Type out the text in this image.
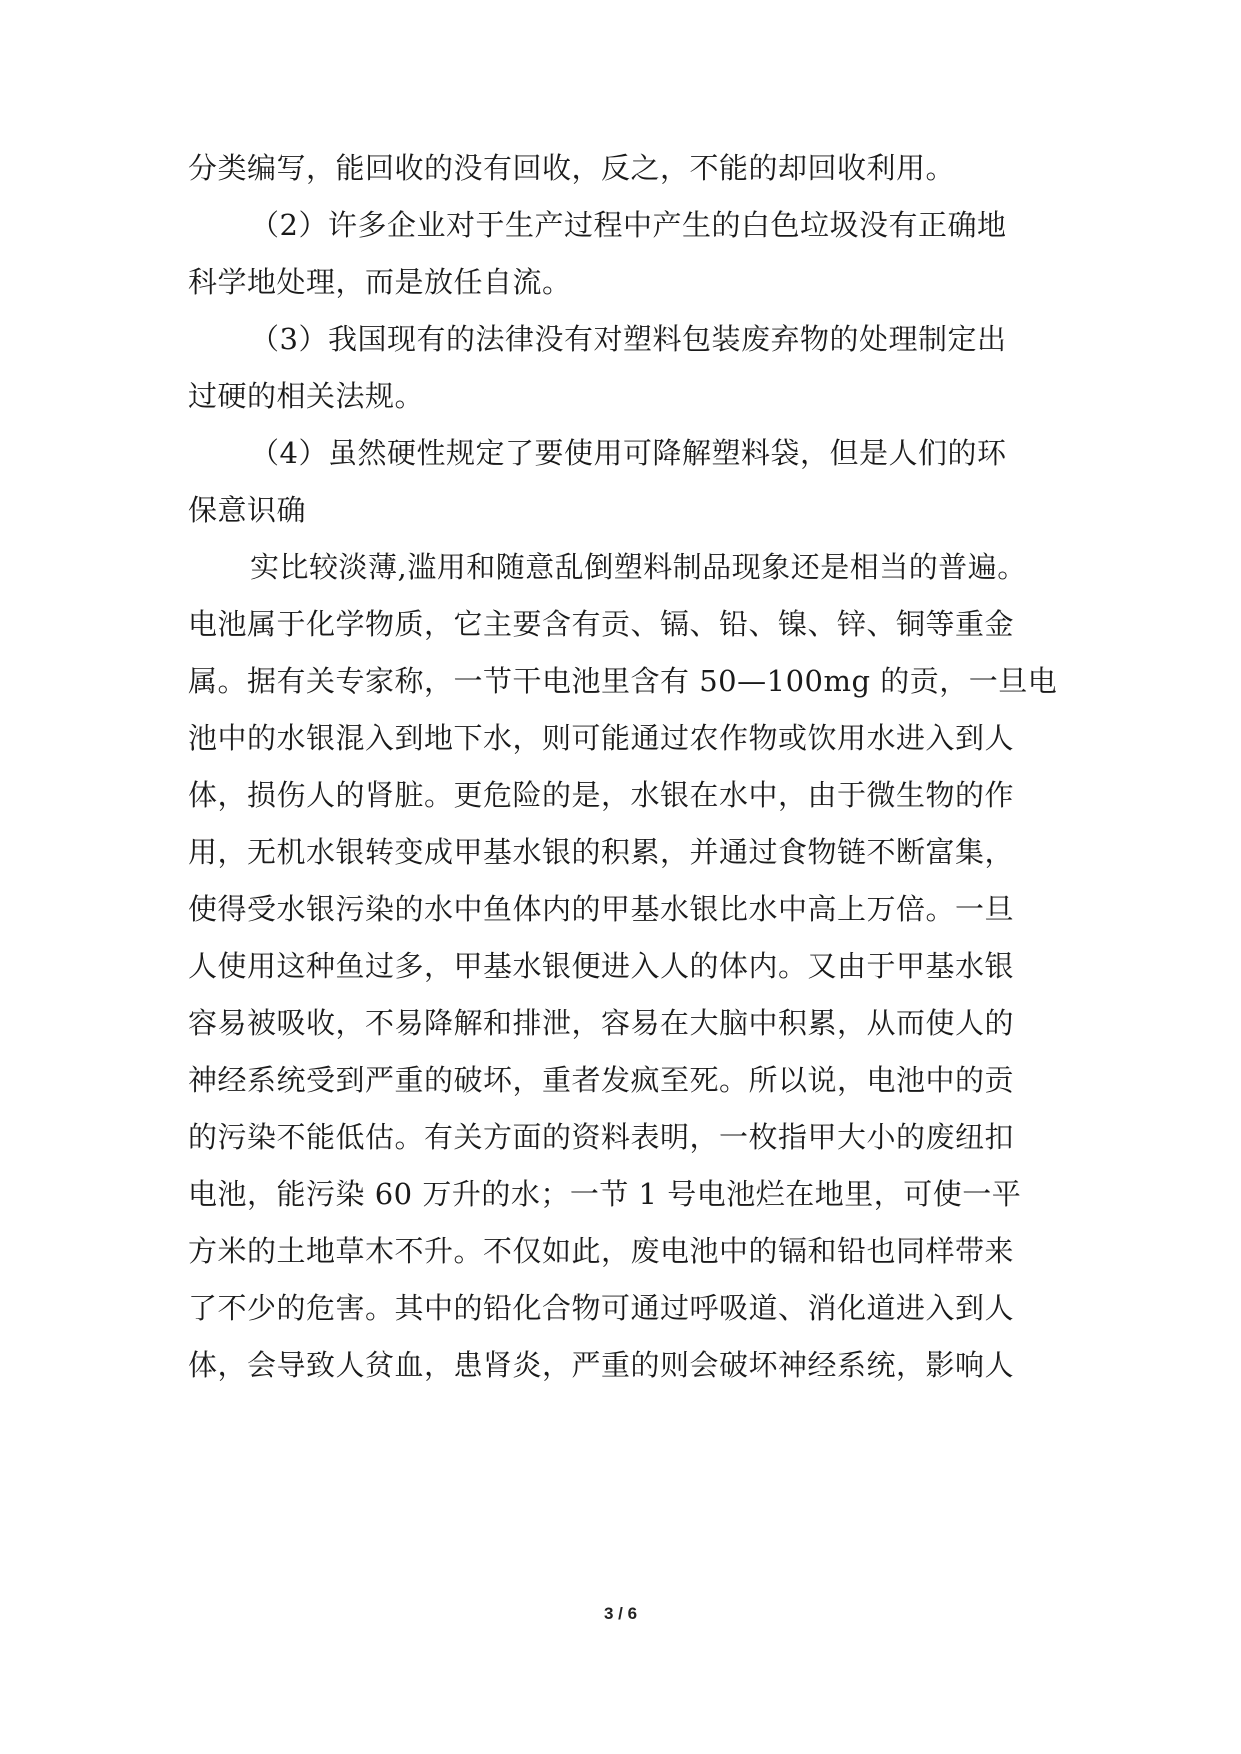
分类编写，能回收的没有回收，反之，不能的却回收利用。
（2）许多企业对于生产过程中产生的白色垃圾没有正确地
科学地处理，而是放任自流。
（3）我国现有的法律没有对塑料包装废弃物的处理制定出
过硬的相关法规。
（4）虽然硬性规定了要使用可降解塑料袋，但是人们的环
保意识确
实比较淡薄,滥用和随意乱倒塑料制品现象还是相当的普遍。
电池属于化学物质，它主要含有贡、镉、铅、镍、锌、铜等重金
属。据有关专家称，一节干电池里含有 50—100mg 的贡，一旦电
池中的水银混入到地下水，则可能通过农作物或饮用水进入到人
体，损伤人的肾脏。更危险的是，水银在水中，由于微生物的作
用，无机水银转变成甲基水银的积累，并通过食物链不断富集，
使得受水银污染的水中鱼体内的甲基水银比水中高上万倍。一旦
人使用这种鱼过多，甲基水银便进入人的体内。又由于甲基水银
容易被吸收，不易降解和排泄，容易在大脑中积累，从而使人的
神经系统受到严重的破坏，重者发疯至死。所以说，电池中的贡
的污染不能低估。有关方面的资料表明，一枚指甲大小的废纽扣
电池，能污染 60 万升的水；一节 1 号电池烂在地里，可使一平
方米的土地草木不升。不仅如此，废电池中的镉和铅也同样带来
了不少的危害。其中的铅化合物可通过呼吸道、消化道进入到人
体，会导致人贫血，患肾炎，严重的则会破坏神经系统，影响人
3 / 6
